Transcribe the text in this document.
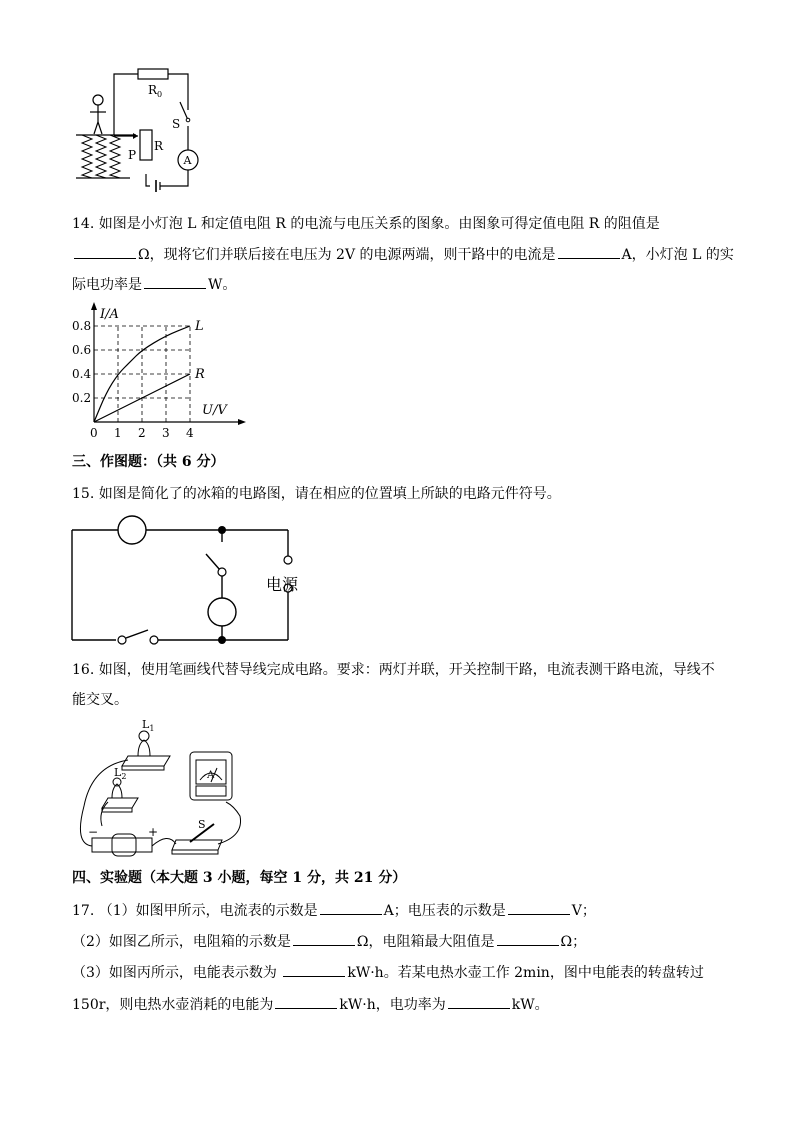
$R_0$
S
P
R
A
14. 如图是小灯泡 L 和定值电阻 R 的电流与电压关系的图象。由图象可得定值电阻 R 的阻值是
Ω，现将它们并联后接在电压为 2V 的电源两端，则干路中的电流是	A，小灯泡 L 的实
际电功率是	W。
I/A
U/V
0 1 2 3 4
0.2
0.4
0.6
0.8	L
R
三、作图题：（共 6 分）
15. 如图是简化了的冰箱的电路图，请在相应的位置填上所缺的电路元件符号。
电源
16. 如图，使用笔画线代替导线完成电路。要求：两灯并联，开关控制干路，电流表测干路电流，导线不
能交叉。
$L_1$
$L_2$	A
S
−	+
四、实验题（本大题 3 小题，每空 1 分，共 21 分）
17. （1）如图甲所示，电流表的示数是	A；电压表的示数是	V；
（2）如图乙所示，电阻箱的示数是	Ω，电阻箱最大阻值是	Ω；
（3）如图丙所示，电能表示数为	kW·h。若某电热水壶工作 2min，图中电能表的转盘转过
150r，则电热水壶消耗的电能为	kW·h，电功率为	kW。
